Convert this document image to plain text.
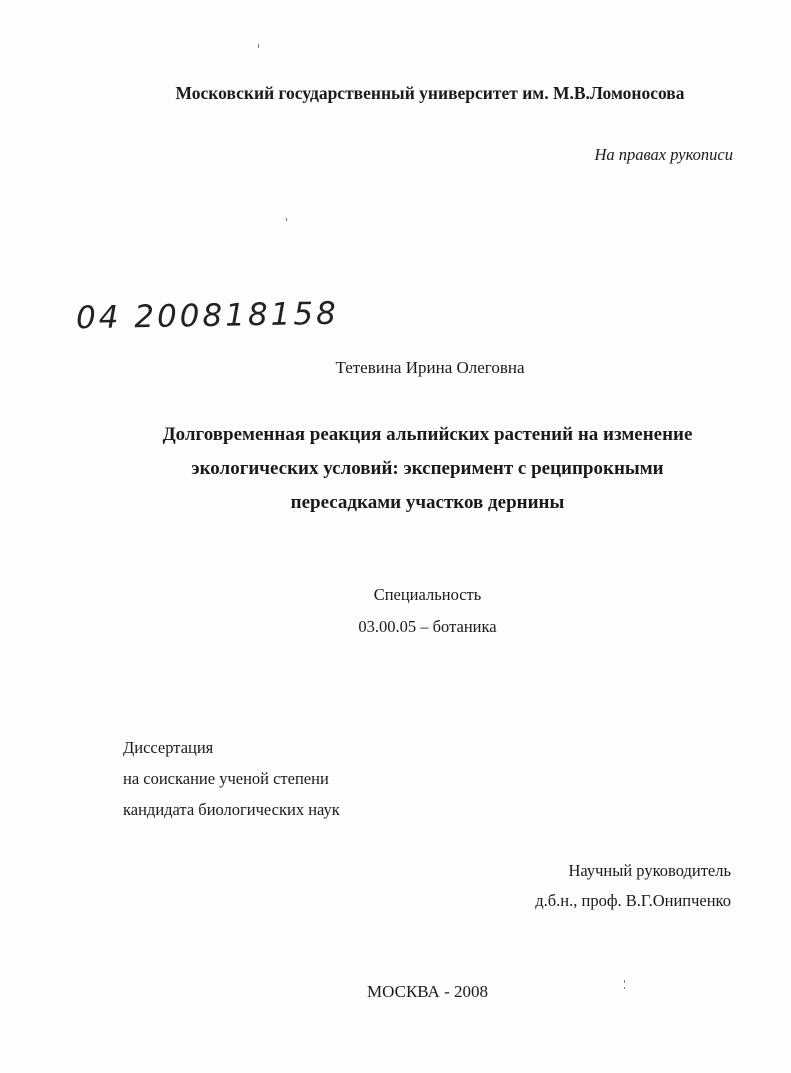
Московский государственный университет им. М.В.Ломоносова
На правах рукописи
04 200818158
Тетевина Ирина Олеговна
Долговременная реакция альпийских растений на изменение
экологических условий: эксперимент с реципрокными
пересадками участков дернины
Специальность
03.00.05 – ботаника
Диссертация
на соискание ученой степени
кандидата биологических наук
Научный руководитель
д.б.н., проф. В.Г.Онипченко
МОСКВА - 2008
